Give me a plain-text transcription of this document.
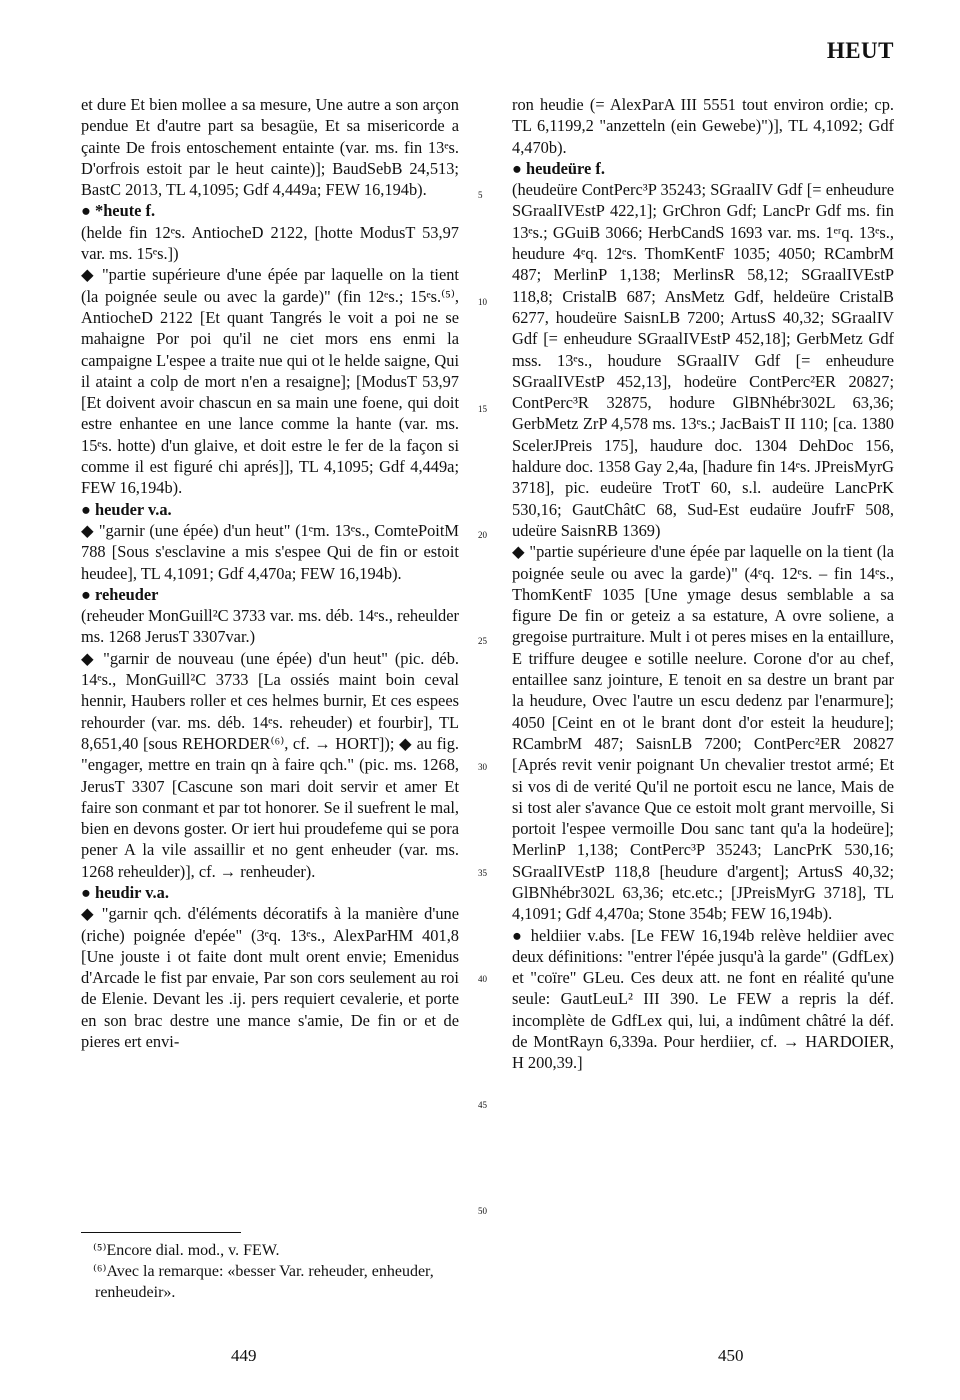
HEUT

et dure Et bien mollee a sa mesure, Une autre a son arçon pendue Et d'autre part sa besagüe, Et sa misericorde a çainte De frois entoschement entainte (var. ms. fin 13ᵉs. D'orfrois estoit par le heut cainte)]; BaudSebB 24,513; BastC 2013, TL 4,1095; Gdf 4,449a; FEW 16,194b).

● *heute f.

(helde fin 12ᵉs. AntiocheD 2122, [hotte ModusT 53,97 var. ms. 15ᵉs.])

◆ "partie supérieure d'une épée par laquelle on la tient (la poignée seule ou avec la garde)" (fin 12ᵉs.; 15ᵉs.⁽⁵⁾, AntiocheD 2122 [Et quant Tangrés le voit a poi ne se mahaigne Por poi qu'il ne ciet mors ens enmi la campaigne L'espee a traite nue qui ot le helde saigne, Qui il ataint a colp de mort n'en a resaigne]; [ModusT 53,97 [Et doivent avoir chascun en sa main une foene, qui doit estre enhantee en une lance comme la hante (var. ms. 15ᵉs. hotte) d'un glaive, et doit estre le fer de la façon si comme il est figuré chi aprés]], TL 4,1095; Gdf 4,449a; FEW 16,194b).

● heuder v.a.

◆ "garnir (une épée) d'un heut" (1ᵉm. 13ᵉs., ComtePoitM 788 [Sous s'esclavine a mis s'espee Qui de fin or estoit heudee], TL 4,1091; Gdf 4,470a; FEW 16,194b).

● reheuder

(reheuder MonGuill²C 3733 var. ms. déb. 14ᵉs., reheulder ms. 1268 JerusT 3307var.)

◆ "garnir de nouveau (une épée) d'un heut" (pic. déb. 14ᵉs., MonGuill²C 3733 [La ossiés maint boin ceval hennir, Haubers roller et ces helmes burnir, Et ces espees rehourder (var. ms. déb. 14ᵉs. reheuder) et fourbir], TL 8,651,40 [sous REHORDER⁽⁶⁾, cf. → HORT]); ◆ au fig. "engager, mettre en train qn à faire qch." (pic. ms. 1268, JerusT 3307 [Cascune son mari doit servir et amer Et faire son conmant et par tot honorer. Se il suefrent le mal, bien en devons goster. Or iert hui proudefeme qui se pora pener A la vile assaillir et no gent enheuder (var. ms. 1268 reheulder)], cf. → renheuder).

● heudir v.a.

◆ "garnir qch. d'éléments décoratifs à la manière d'une (riche) poignée d'epée" (3ᵉq. 13ᵉs., AlexParHM 401,8 [Une jouste i ot faite dont mult orent envie; Emenidus d'Arcade le fist par envaie, Par son cors seulement au roi de Elenie. Devant les .ij. pers requiert cevalerie, et porte en son brac destre une mance s'amie, De fin or et de pieres ert envi-

5
10
15
20
25
30
35
40
45
50

ron heudie (= AlexParA III 5551 tout environ ordie; cp. TL 6,1199,2 "anzetteln (ein Gewebe)")], TL 4,1092; Gdf 4,470b).

● heudeüre f.

(heudeüre ContPerc³P 35243; SGraalIV Gdf [= enheudure SGraalIVEstP 422,1]; GrChron Gdf; LancPr Gdf ms. fin 13ᵉs.; GGuiB 3066; HerbCandS 1693 var. ms. 1ᵉʳq. 13ᵉs., heudure 4ᵉq. 12ᵉs. ThomKentF 1035; 4050; RCambrM 487; MerlinP 1,138; MerlinsR 58,12; SGraalIVEstP 118,8; CristalB 687; AnsMetz Gdf, heldeüre CristalB 6277, houdeüre SaisnLB 7200; ArtusS 40,32; SGraalIV Gdf [= enheudure SGraalIVEstP 452,18]; GerbMetz Gdf mss. 13ᵉs., houdure SGraalIV Gdf [= enheudure SGraalIVEstP 452,13], hodeüre ContPerc²ER 20827; ContPerc³R 32875, hodure GlBNhébr302L 63,36; GerbMetz ZrP 4,578 ms. 13ᵉs.; JacBaisT II 110; [ca. 1380 ScelerJPreis 175], haudure doc. 1304 DehDoc 156, haldure doc. 1358 Gay 2,4a, [hadure fin 14ᵉs. JPreisMyrG 3718], pic. eudeüre TrotT 60, s.l. audeüre LancPrK 530,16; GautChâtC 68, Sud-Est eudaüre JoufrF 508, udeüre SaisnRB 1369)

◆ "partie supérieure d'une épée par laquelle on la tient (la poignée seule ou avec la garde)" (4ᵉq. 12ᵉs. – fin 14ᵉs., ThomKentF 1035 [Une ymage desus semblable a sa figure De fin or geteiz a sa estature, A ovre soliene, a gregoise purtraiture. Mult i ot peres mises en la entaillure, E triffure deugee e sotille neelure. Corone d'or au chef, entaillee sanz jointure, E tenoit en sa destre un brant par la heudure, Ovec l'autre un escu dedenz par l'enarmure]; 4050 [Ceint en ot le brant dont d'or esteit la heudure]; RCambrM 487; SaisnLB 7200; ContPerc²ER 20827 [Aprés revit venir poignant Un chevalier trestot armé; Et si vos di de verité Qu'il ne portoit escu ne lance, Mais de si tost aler s'avance Que ce estoit molt grant mervoille, Si portoit l'espee vermoille Dou sanc tant qu'a la hodeüre]; MerlinP 1,138; ContPerc³P 35243; LancPrK 530,16; SGraalIVEstP 118,8 [heudure d'argent]; ArtusS 40,32; GlBNhébr302L 63,36; etc.etc.; [JPreisMyrG 3718], TL 4,1091; Gdf 4,470a; Stone 354b; FEW 16,194b).

● heldiier v.abs. [Le FEW 16,194b relève heldiier avec deux définitions: "entrer l'épée jusqu'à la garde" (GdfLex) et "coïre" GLeu. Ces deux att. ne font en réalité qu'une seule: GautLeuL² III 390. Le FEW a repris la déf. incomplète de GdfLex qui, lui, a indûment châtré la déf. de MontRayn 6,339a. Pour herdiier, cf. → HARDOIER, H 200,39.]

⁽⁵⁾Encore dial. mod., v. FEW.

⁽⁶⁾Avec la remarque: «besser Var. reheuder, enheuder, renheudeir».

449	450
